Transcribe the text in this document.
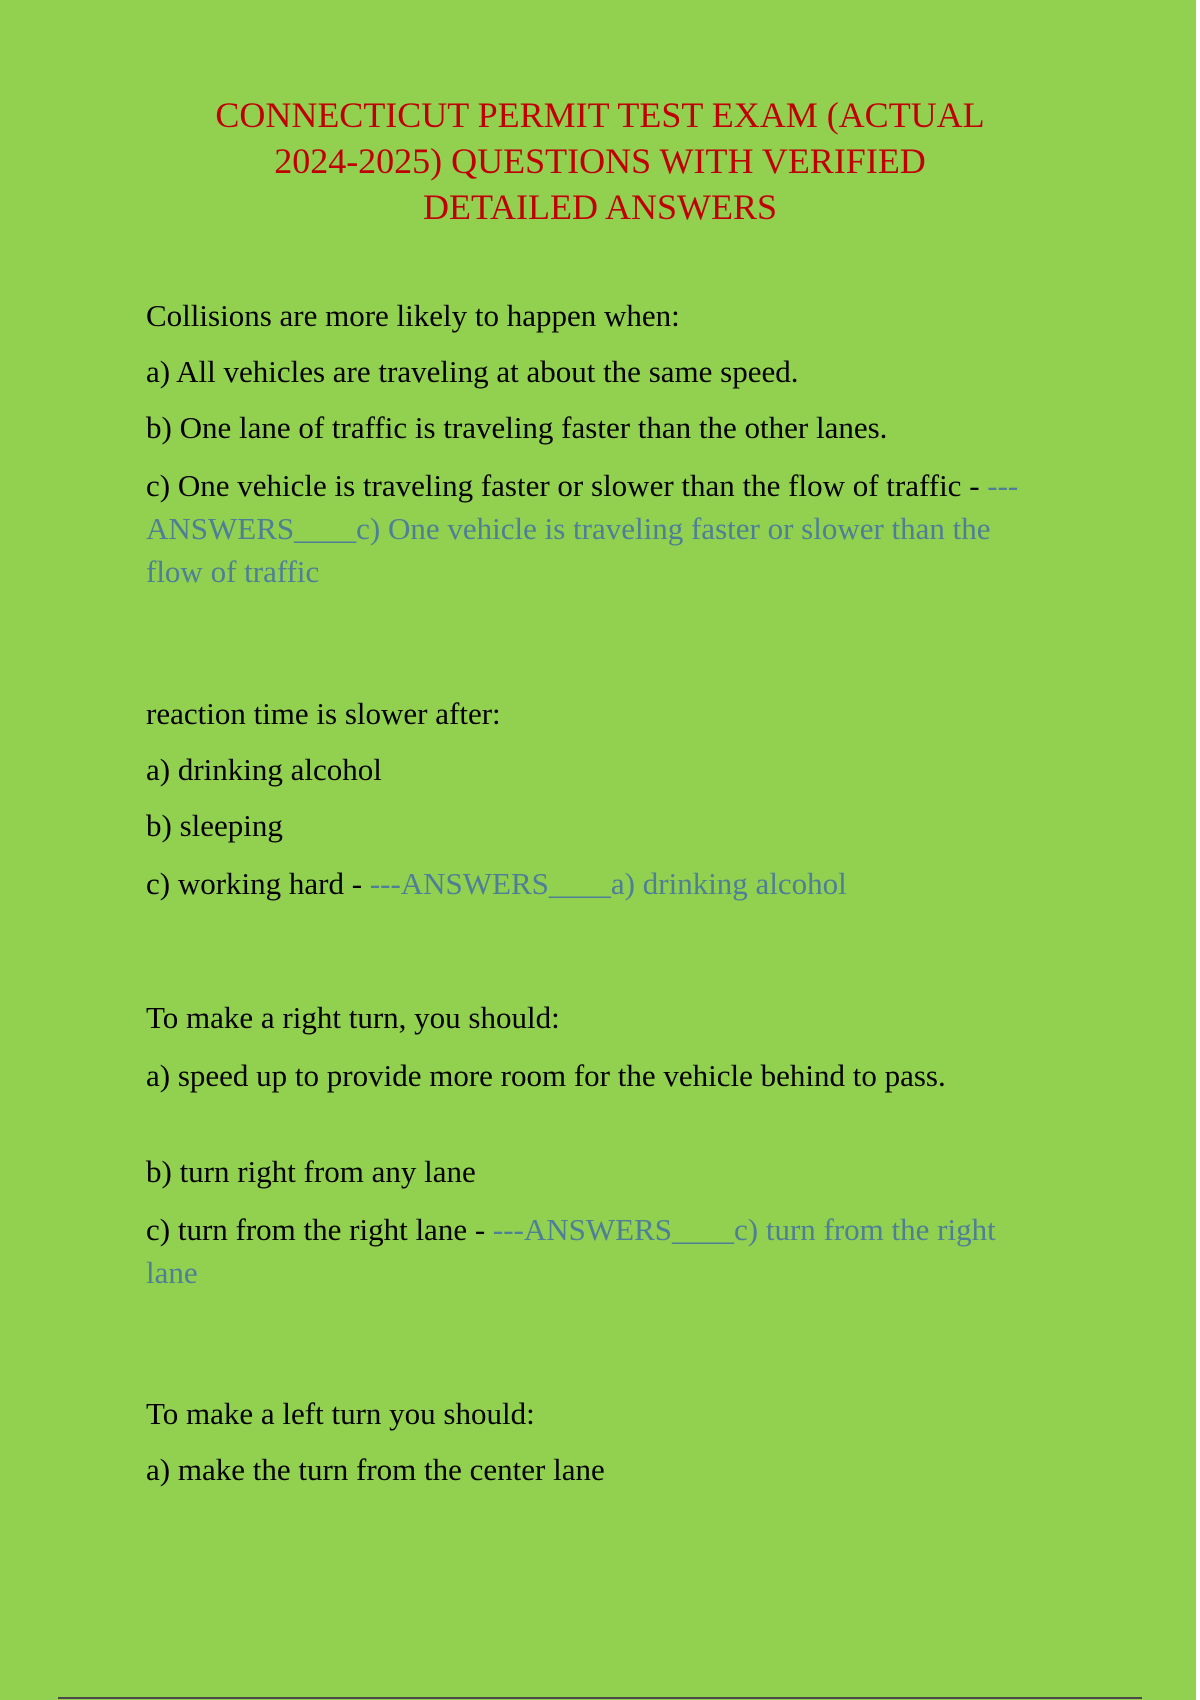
CONNECTICUT PERMIT TEST EXAM (ACTUAL
2024-2025) QUESTIONS WITH VERIFIED
DETAILED ANSWERS

Collisions are more likely to happen when:

a) All vehicles are traveling at about the same speed.

b) One lane of traffic is traveling faster than the other lanes.

c) One vehicle is traveling faster or slower than the flow of traffic - ---ANSWERS____c) One vehicle is traveling faster or slower than the flow of traffic

reaction time is slower after:

a) drinking alcohol

b) sleeping

c) working hard - ---ANSWERS____a) drinking alcohol

To make a right turn, you should:

a) speed up to provide more room for the vehicle behind to pass.

b) turn right from any lane

c) turn from the right lane - ---ANSWERS____c) turn from the right lane

To make a left turn you should:

a) make the turn from the center lane
